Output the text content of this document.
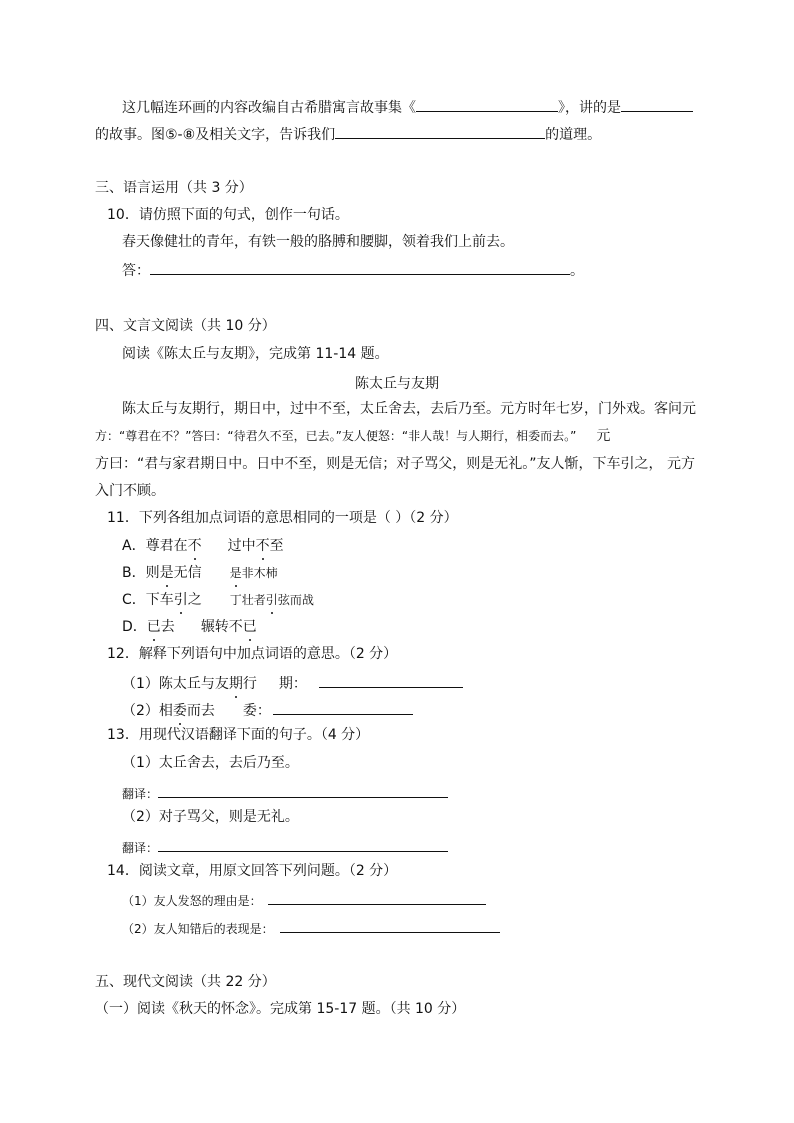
这几幅连环画的内容改编自古希腊寓言故事集《	》，讲的是
的故事。图⑤-⑧及相关文字，告诉我们	的道理。
三、语言运用（共 3 分）
10．请仿照下面的句式，创作一句话。
春天像健壮的青年，有铁一般的胳膊和腰脚，领着我们上前去。
答：	。
四、文言文阅读（共 10 分）
阅读《陈太丘与友期》，完成第 11-14 题。
陈太丘与友期
陈太丘与友期行，期日中，过中不至，太丘舍去，去后乃至。元方时年七岁，门外戏。客问元
方：“尊君在不？”答曰：“待君久不至，已去。”友人便怒：“非人哉！与人期行，相委而去。” 元
方曰：“君与家君期日中。日中不至，则是无信；对子骂父，则是无礼。”友人惭，下车引之， 元方
入门不顾。
11．下列各组加点词语的意思相同的一项是（ ）（2 分）
A．尊君在不 过中不至
B．则是无信 是非木柿
C．下车引之 丁壮者引弦而战
D．已去 辗转不已
12．解释下列语句中加点词语的意思。（2 分）
（1）陈太丘与友期行 期：
（2）相委而去 委：
13．用现代汉语翻译下面的句子。（4 分）
（1）太丘舍去，去后乃至。
翻译：
（2）对子骂父，则是无礼。
翻译：
14．阅读文章，用原文回答下列问题。（2 分）
（1）友人发怒的理由是：
（2）友人知错后的表现是：
五、现代文阅读（共 22 分）
（一）阅读《秋天的怀念》。完成第 15-17 题。（共 10 分）
